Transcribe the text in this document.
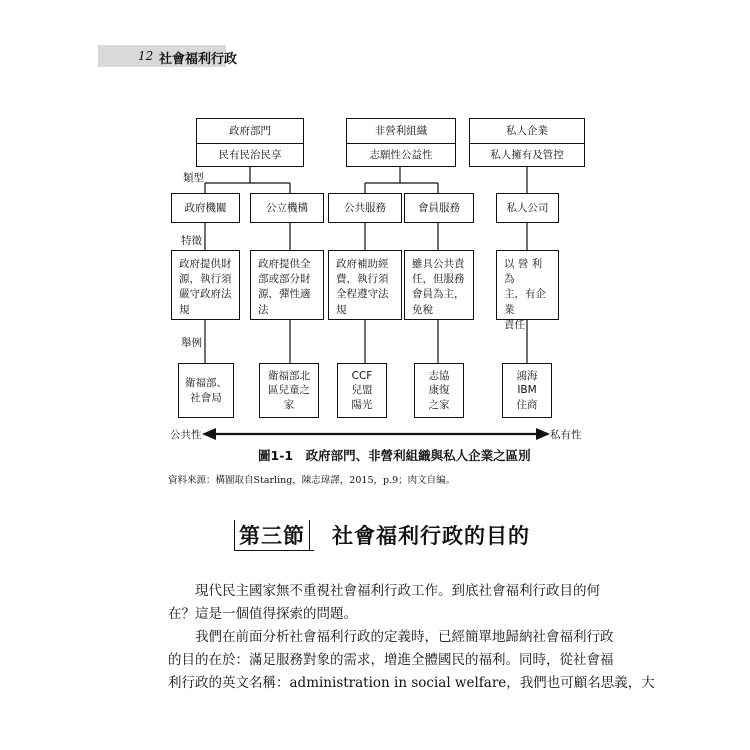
12 社會福利行政
政府部門
民有民治民享
非營利組織
志願性公益性
私人企業
私人擁有及管控
類型
特徵
舉例
政府機關	公立機構	公共服務	會員服務	私人公司
政府提供財
源，執行須
嚴守政府法
規
政府提供全
部或部分財
源，彈性適
法
政府補助經
費，執行須
全程遵守法
規
雖具公共責
任，但服務
會員為主，
免稅
以 營 利 為
主，有企業
責任
衛福部、
社會局
衛福部北
區兒童之
家
CCF
兒盟
陽光
志協
康復
之家
鴻海
IBM
住商
公共性	私有性
圖1-1　政府部門、非營利組織與私人企業之區別
資料來源：構圖取自Starling，陳志瑋譯，2015，p.9；肉文自編。
第三節 社會福利行政的目的
　　現代民主國家無不重視社會福利行政工作。到底社會福利行政目的何
在？這是一個值得探索的問題。
　　我們在前面分析社會福利行政的定義時，已經簡單地歸納社會福利行政
的目的在於：滿足服務對象的需求，增進全體國民的福利。同時，從社會福
利行政的英文名稱：administration in social welfare，我們也可顧名思義，大
